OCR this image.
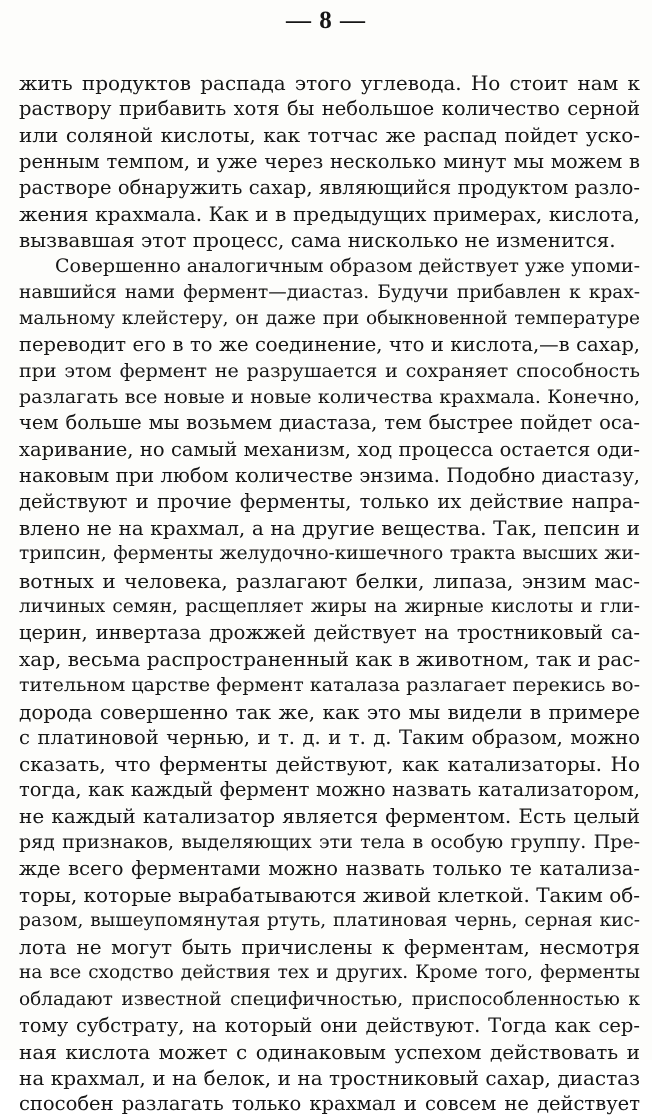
— 8 —
жить продуктов распада этого углевода. Но стоит нам к
раствору прибавить хотя бы небольшое количество серной
или соляной кислоты, как тотчас же распад пойдет уско-
ренным темпом, и уже через несколько минут мы можем в
растворе обнаружить сахар, являющийся продуктом разло-
жения крахмала. Как и в предыдущих примерах, кислота,
вызвавшая этот процесс, сама нисколько не изменится.
Совершенно аналогичным образом действует уже упоми-
навшийся нами фермент—диастаз. Будучи прибавлен к крах-
мальному клейстеру, он даже при обыкновенной температуре
переводит его в то же соединение, что и кислота,—в сахар,
при этом фермент не разрушается и сохраняет способность
разлагать все новые и новые количества крахмала. Конечно,
чем больше мы возьмем диастаза, тем быстрее пойдет оса-
харивание, но самый механизм, ход процесса остается оди-
наковым при любом количестве энзима. Подобно диастазу,
действуют и прочие ферменты, только их действие напра-
влено не на крахмал, а на другие вещества. Так, пепсин и
трипсин, ферменты желудочно-кишечного тракта высших жи-
вотных и человека, разлагают белки, липаза, энзим мас-
личиных семян, расщепляет жиры на жирные кислоты и гли-
церин, инвертаза дрожжей действует на тростниковый са-
хар, весьма распространенный как в животном, так и рас-
тительном царстве фермент каталаза разлагает перекись во-
дорода совершенно так же, как это мы видели в примере
с платиновой чернью, и т. д. и т. д. Таким образом, можно
сказать, что ферменты действуют, как катализаторы. Но
тогда, как каждый фермент можно назвать катализатором,
не каждый катализатор является ферментом. Есть целый
ряд признаков, выделяющих эти тела в особую группу. Пре-
жде всего ферментами можно назвать только те катализа-
торы, которые вырабатываются живой клеткой. Таким об-
разом, вышеупомянутая ртуть, платиновая чернь, серная кис-
лота не могут быть причислены к ферментам, несмотря
на все сходство действия тех и других. Кроме того, ферменты
обладают известной специфичностью, приспособленностью к
тому субстрату, на который они действуют. Тогда как сер-
ная кислота может с одинаковым успехом действовать и
на крахмал, и на белок, и на тростниковый сахар, диастаз
способен разлагать только крахмал и совсем не действует
